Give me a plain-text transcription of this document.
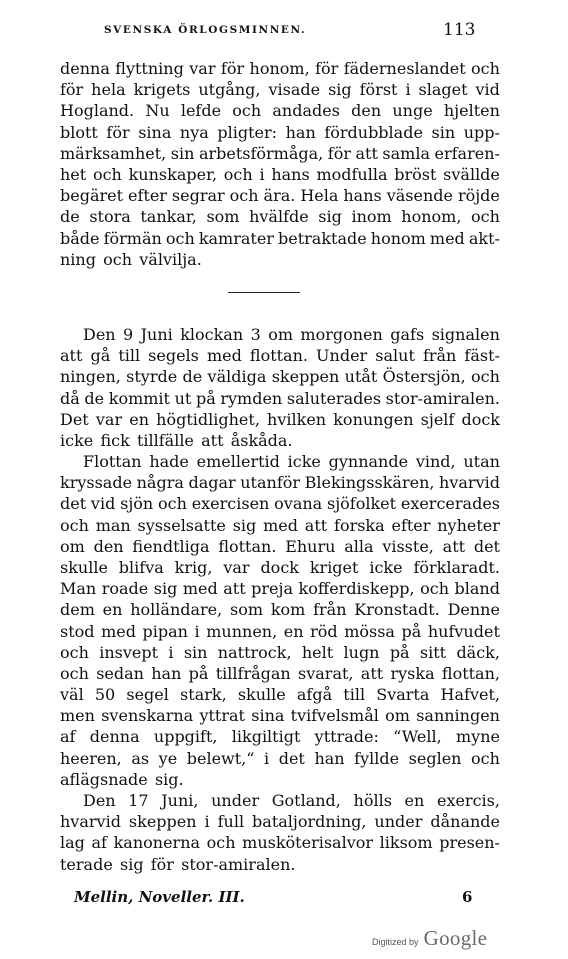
SVENSKA ÖRLOGSMINNEN.	113
denna flyttning var för honom, för fäderneslandet och
för hela krigets utgång, visade sig först i slaget vid
Hogland. Nu lefde och andades den unge hjelten
blott för sina nya pligter: han fördubblade sin upp-
märksamhet, sin arbetsförmåga, för att samla erfaren-
het och kunskaper, och i hans modfulla bröst svällde
begäret efter segrar och ära. Hela hans väsende röjde
de stora tankar, som hvälfde sig inom honom, och
både förmän och kamrater betraktade honom med akt-
ning och välvilja.
Den 9 Juni klockan 3 om morgonen gafs signalen
att gå till segels med flottan. Under salut från fäst-
ningen, styrde de väldiga skeppen utåt Östersjön, och
då de kommit ut på rymden saluterades stor-amiralen.
Det var en högtidlighet, hvilken konungen sjelf dock
icke fick tillfälle att åskåda.
Flottan hade emellertid icke gynnande vind, utan
kryssade några dagar utanför Blekingsskären, hvarvid
det vid sjön och exercisen ovana sjöfolket exercerades
och man sysselsatte sig med att forska efter nyheter
om den fiendtliga flottan. Ehuru alla visste, att det
skulle blifva krig, var dock kriget icke förklaradt.
Man roade sig med att preja kofferdiskepp, och bland
dem en holländare, som kom från Kronstadt. Denne
stod med pipan i munnen, en röd mössa på hufvudet
och insvept i sin nattrock, helt lugn på sitt däck,
och sedan han på tillfrågan svarat, att ryska flottan,
väl 50 segel stark, skulle afgå till Svarta Hafvet,
men svenskarna yttrat sina tvifvelsmål om sanningen
af denna uppgift, likgiltigt yttrade: “Well, myne
heeren, as ye belewt,“ i det han fyllde seglen och
aflägsnade sig.
Den 17 Juni, under Gotland, hölls en exercis,
hvarvid skeppen i full bataljordning, under dånande
lag af kanonerna och musköterisalvor liksom presen-
terade sig för stor-amiralen.
Mellin, Noveller. III.	6
Digitized by Google
